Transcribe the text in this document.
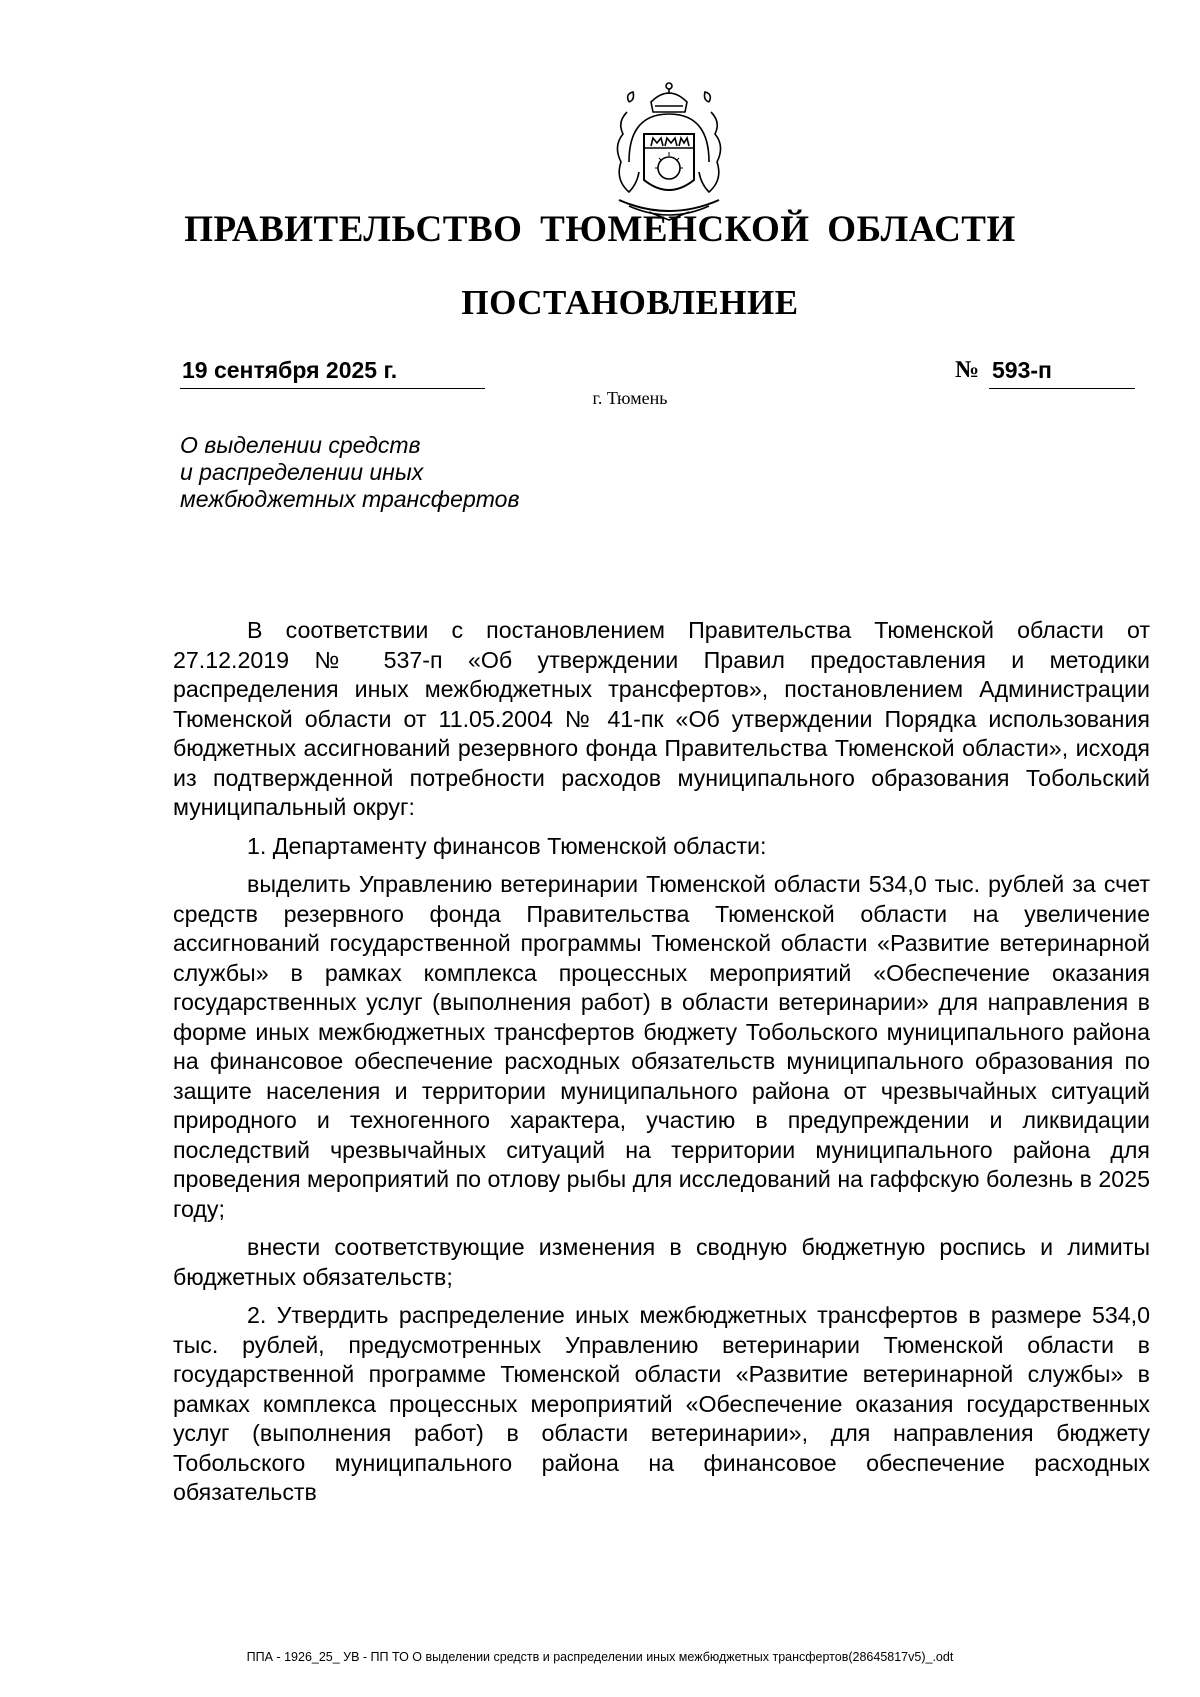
ПРАВИТЕЛЬСТВО ТЮМЕНСКОЙ ОБЛАСТИ
ПОСТАНОВЛЕНИЕ
19 сентября 2025 г.	№ 593-п
г. Тюмень
О выделении средств
и распределении иных
межбюджетных трансфертов

В соответствии с постановлением Правительства Тюменской области от 27.12.2019 № 537-п «Об утверждении Правил предоставления и методики распределения иных межбюджетных трансфертов», постановлением Администрации Тюменской области от 11.05.2004 № 41-пк «Об утверждении Порядка использования бюджетных ассигнований резервного фонда Правительства Тюменской области», исходя из подтвержденной потребности расходов муниципального образования Тобольский муниципальный округ:

1. Департаменту финансов Тюменской области:

выделить Управлению ветеринарии Тюменской области 534,0 тыс. рублей за счет средств резервного фонда Правительства Тюменской области на увеличение ассигнований государственной программы Тюменской области «Развитие ветеринарной службы» в рамках комплекса процессных мероприятий «Обеспечение оказания государственных услуг (выполнения работ) в области ветеринарии» для направления в форме иных межбюджетных трансфертов бюджету Тобольского муниципального района на финансовое обеспечение расходных обязательств муниципального образования по защите населения и территории муниципального района от чрезвычайных ситуаций природного и техногенного характера, участию в предупреждении и ликвидации последствий чрезвычайных ситуаций на территории муниципального района для проведения мероприятий по отлову рыбы для исследований на гаффскую болезнь в 2025 году;

внести соответствующие изменения в сводную бюджетную роспись и лимиты бюджетных обязательств;

2. Утвердить распределение иных межбюджетных трансфертов в размере 534,0 тыс. рублей, предусмотренных Управлению ветеринарии Тюменской области в государственной программе Тюменской области «Развитие ветеринарной службы» в рамках комплекса процессных мероприятий «Обеспечение оказания государственных услуг (выполнения работ) в области ветеринарии», для направления бюджету Тобольского муниципального района на финансовое обеспечение расходных обязательств

ППА - 1926_25_ УВ - ПП ТО О выделении средств и распределении иных межбюджетных трансфертов(28645817v5)_.odt
